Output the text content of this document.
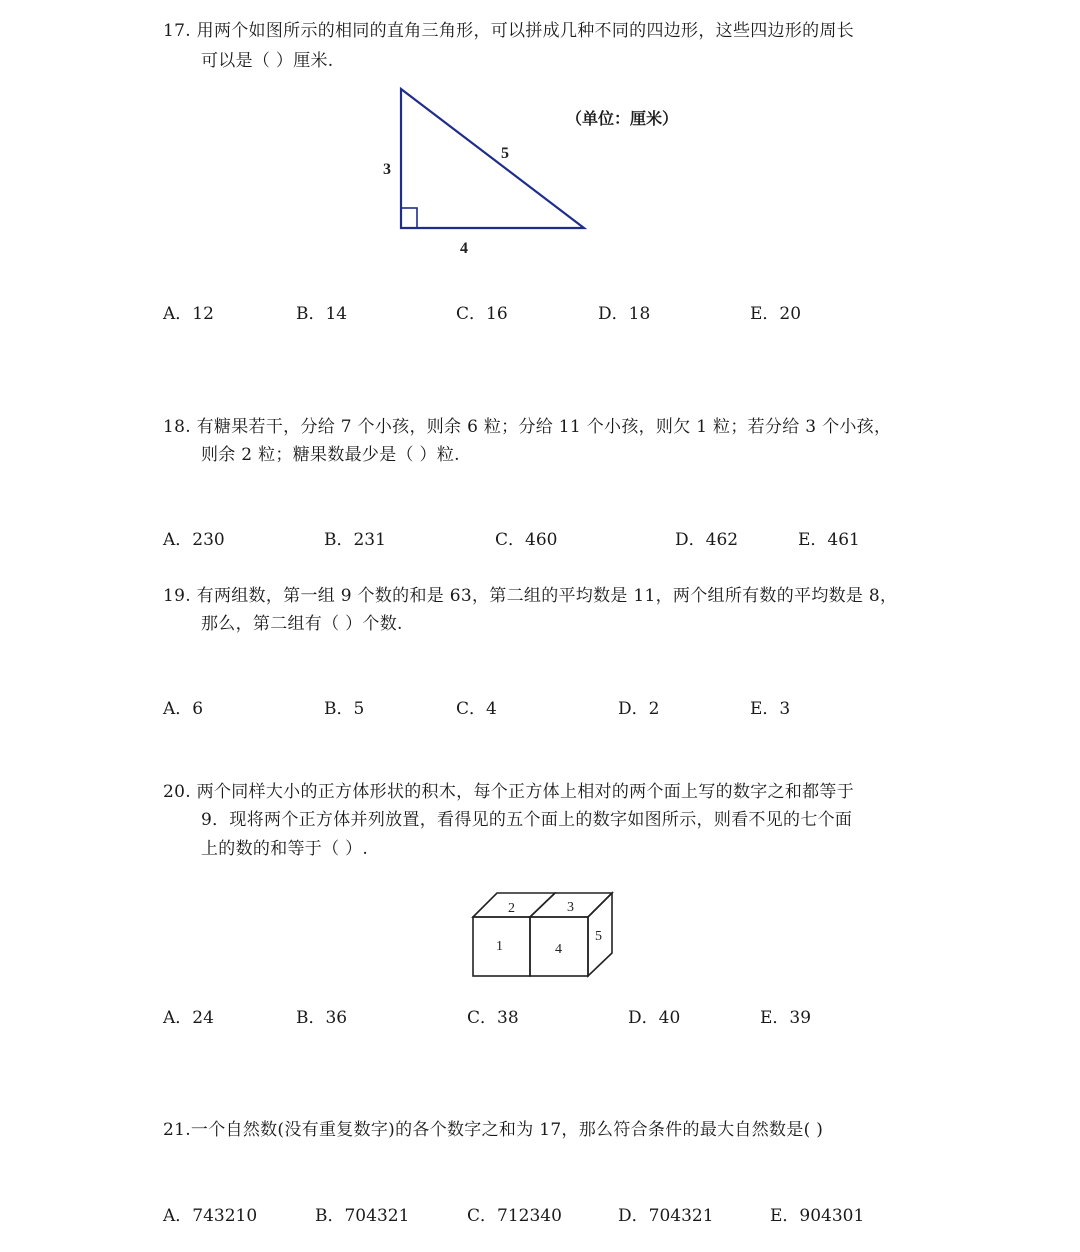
17. 用两个如图所示的相同的直角三角形，可以拼成几种不同的四边形，这些四边形的周长
可以是（ ）厘米.
3
5
4
（单位：厘米）
A．12	B．14	C．16	D．18	E．20
18. 有糖果若干，分给 7 个小孩，则余 6 粒；分给 11 个小孩，则欠 1 粒；若分给 3 个小孩，
则余 2 粒；糖果数最少是（ ）粒.
A．230	B．231	C．460	D．462	E．461
19. 有两组数，第一组 9 个数的和是 63，第二组的平均数是 11，两个组所有数的平均数是 8，
那么，第二组有（ ）个数.
A．6	B．5	C．4	D．2	E．3
20. 两个同样大小的正方体形状的积木，每个正方体上相对的两个面上写的数字之和都等于
9．现将两个正方体并列放置，看得见的五个面上的数字如图所示，则看不见的七个面
上的数的和等于（ ）.
2	3
1	4
5
A．24	B．36	C．38	D．40	E．39
21.一个自然数(没有重复数字)的各个数字之和为 17，那么符合条件的最大自然数是( )
A．743210	B．704321	C．712340	D．704321	E．904301
